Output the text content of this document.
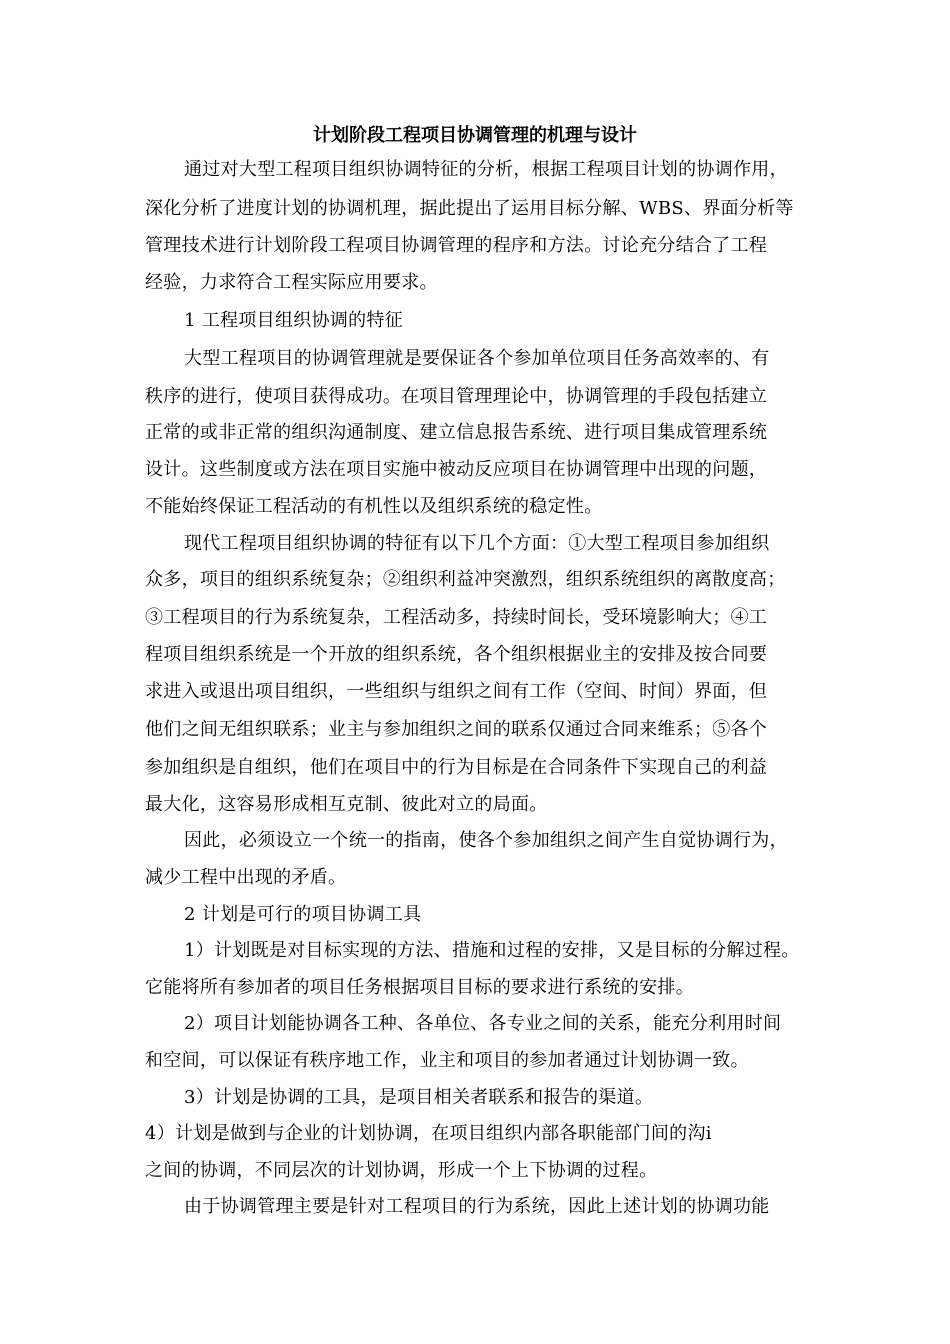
计划阶段工程项目协调管理的机理与设计
通过对大型工程项目组织协调特征的分析，根据工程项目计划的协调作用，
深化分析了进度计划的协调机理，据此提出了运用目标分解、WBS、界面分析等
管理技术进行计划阶段工程项目协调管理的程序和方法。讨论充分结合了工程
经验，力求符合工程实际应用要求。
1 工程项目组织协调的特征
大型工程项目的协调管理就是要保证各个参加单位项目任务高效率的、有
秩序的进行，使项目获得成功。在项目管理理论中，协调管理的手段包括建立
正常的或非正常的组织沟通制度、建立信息报告系统、进行项目集成管理系统
设计。这些制度或方法在项目实施中被动反应项目在协调管理中出现的问题，
不能始终保证工程活动的有机性以及组织系统的稳定性。
现代工程项目组织协调的特征有以下几个方面：①大型工程项目参加组织
众多，项目的组织系统复杂；②组织利益冲突激烈，组织系统组织的离散度高；
③工程项目的行为系统复杂，工程活动多，持续时间长，受环境影响大；④工
程项目组织系统是一个开放的组织系统，各个组织根据业主的安排及按合同要
求进入或退出项目组织，一些组织与组织之间有工作（空间、时间）界面，但
他们之间无组织联系；业主与参加组织之间的联系仅通过合同来维系；⑤各个
参加组织是自组织，他们在项目中的行为目标是在合同条件下实现自己的利益
最大化，这容易形成相互克制、彼此对立的局面。
因此，必须设立一个统一的指南，使各个参加组织之间产生自觉协调行为，
减少工程中出现的矛盾。
2 计划是可行的项目协调工具
1）计划既是对目标实现的方法、措施和过程的安排，又是目标的分解过程。
它能将所有参加者的项目任务根据项目目标的要求进行系统的安排。
2）项目计划能协调各工种、各单位、各专业之间的关系，能充分利用时间
和空间，可以保证有秩序地工作，业主和项目的参加者通过计划协调一致。
3）计划是协调的工具，是项目相关者联系和报告的渠道。
4）计划是做到与企业的计划协调，在项目组织内部各职能部门间的沟i
之间的协调，不同层次的计划协调，形成一个上下协调的过程。
由于协调管理主要是针对工程项目的行为系统，因此上述计划的协调功能
